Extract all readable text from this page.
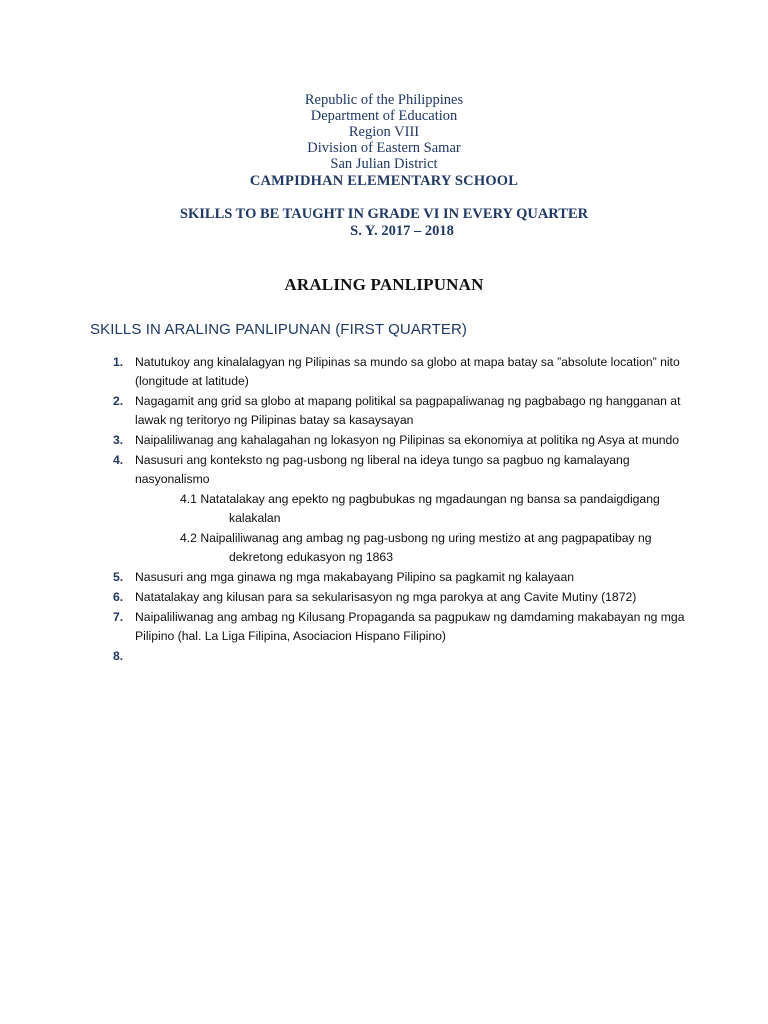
Republic of the Philippines
Department of Education
Region VIII
Division of Eastern Samar
San Julian District
CAMPIDHAN ELEMENTARY SCHOOL
SKILLS TO BE TAUGHT IN GRADE VI IN EVERY QUARTER
S. Y. 2017 – 2018
ARALING PANLIPUNAN
SKILLS IN ARALING PANLIPUNAN (FIRST QUARTER)
1. Natutukoy ang kinalalagyan ng Pilipinas sa mundo sa globo at mapa batay sa ”absolute location” nito (longitude at latitude)
2. Nagagamit ang grid sa globo at mapang politikal sa pagpapaliwanag ng pagbabago ng hangganan at lawak ng teritoryo ng Pilipinas batay sa kasaysayan
3. Naipaliliwanag ang kahalagahan ng lokasyon ng Pilipinas sa ekonomiya at politika ng Asya at mundo
4. Nasusuri ang konteksto ng pag-usbong ng liberal na ideya tungo sa pagbuo ng kamalayang nasyonalismo
4.1 Natatalakay ang epekto ng pagbubukas ng mgadaungan ng bansa sa pandaigdigang kalakalan
4.2 Naipaliliwanag ang ambag ng pag-usbong ng uring mestizo at ang pagpapatibay ng dekretong edukasyon ng 1863
5. Nasusuri ang mga ginawa ng mga makabayang Pilipino sa pagkamit ng kalayaan
6. Natatalakay ang kilusan para sa sekularisasyon ng mga parokya at ang Cavite Mutiny (1872)
7. Naipaliliwanag ang ambag ng Kilusang Propaganda sa pagpukaw ng damdaming makabayan ng mga Pilipino (hal. La Liga Filipina, Asociacion Hispano Filipino)
8.
